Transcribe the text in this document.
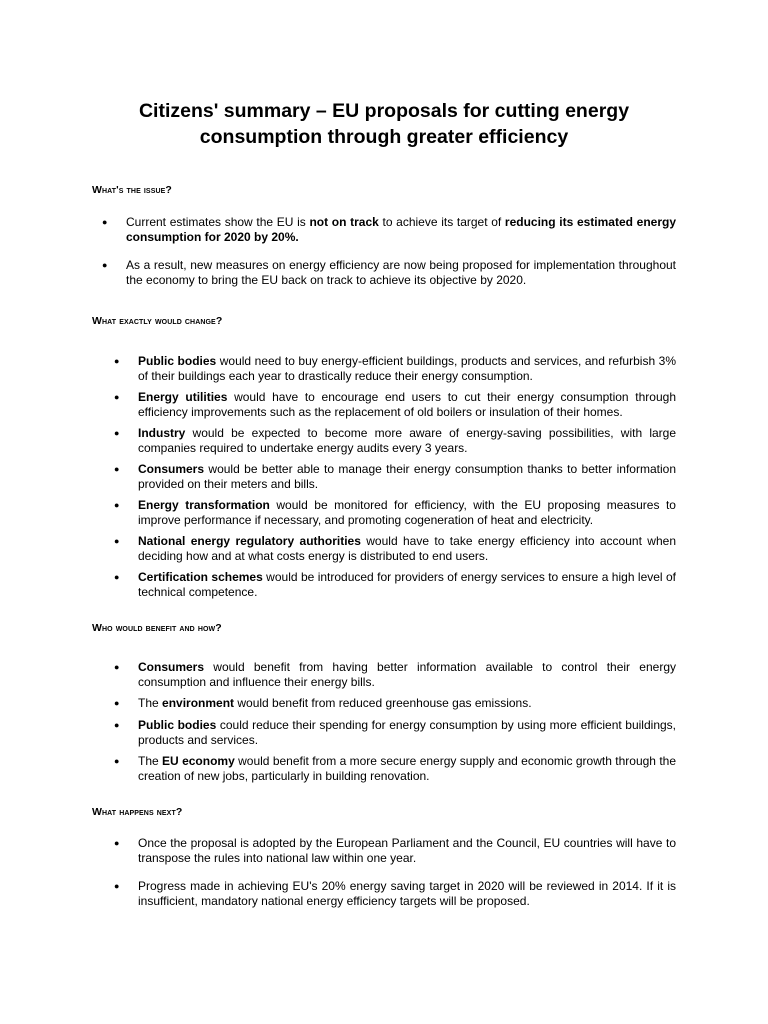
Citizens' summary – EU proposals for cutting energy
consumption through greater efficiency
What's the issue?
● Current estimates show the EU is not on track to achieve its target of reducing its estimated energy consumption for 2020 by 20%.
● As a result, new measures on energy efficiency are now being proposed for implementation throughout the economy to bring the EU back on track to achieve its objective by 2020.
What exactly would change?
● Public bodies would need to buy energy-efficient buildings, products and services, and refurbish 3% of their buildings each year to drastically reduce their energy consumption.
● Energy utilities would have to encourage end users to cut their energy consumption through efficiency improvements such as the replacement of old boilers or insulation of their homes.
● Industry would be expected to become more aware of energy-saving possibilities, with large companies required to undertake energy audits every 3 years.
● Consumers would be better able to manage their energy consumption thanks to better information provided on their meters and bills.
● Energy transformation would be monitored for efficiency, with the EU proposing measures to improve performance if necessary, and promoting cogeneration of heat and electricity.
● National energy regulatory authorities would have to take energy efficiency into account when deciding how and at what costs energy is distributed to end users.
● Certification schemes would be introduced for providers of energy services to ensure a high level of technical competence.
Who would benefit and how?
● Consumers would benefit from having better information available to control their energy consumption and influence their energy bills.
● The environment would benefit from reduced greenhouse gas emissions.
● Public bodies could reduce their spending for energy consumption by using more efficient buildings, products and services.
● The EU economy would benefit from a more secure energy supply and economic growth through the creation of new jobs, particularly in building renovation.
What happens next?
● Once the proposal is adopted by the European Parliament and the Council, EU countries will have to transpose the rules into national law within one year.
● Progress made in achieving EU's 20% energy saving target in 2020 will be reviewed in 2014. If it is insufficient, mandatory national energy efficiency targets will be proposed.
